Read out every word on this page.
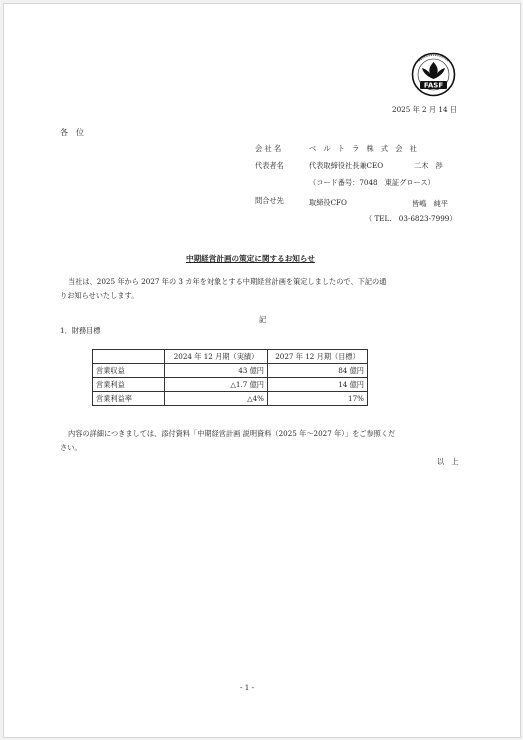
FASF
2025 年 2 月 14 日
各　位
会 社 名	ベ　ル　ト　ラ　株　式　会　社
代表者名	代表取締役社長兼CEO	二木　渉
（コード番号：7048　東証グロース）
問合せ先	取締役CFO	皆嶋　純平
（ TEL.　03-6823-7999）
中期経営計画の策定に関するお知らせ
当社は、2025 年から 2027 年の 3 カ年を対象とする中期経営計画を策定しましたので、下記の通
りお知らせいたします。
記
1．財務目標
	2024 年 12 月期（実績）	2027 年 12 月期（目標）
営業収益	43 億円	84 億円
営業利益	△1.7 億円	14 億円
営業利益率	△4%	17%
内容の詳細につきましては、添付資料「中期経営計画 説明資料（2025 年～2027 年）」をご参照くだ
さい。
以　上
- 1 -
